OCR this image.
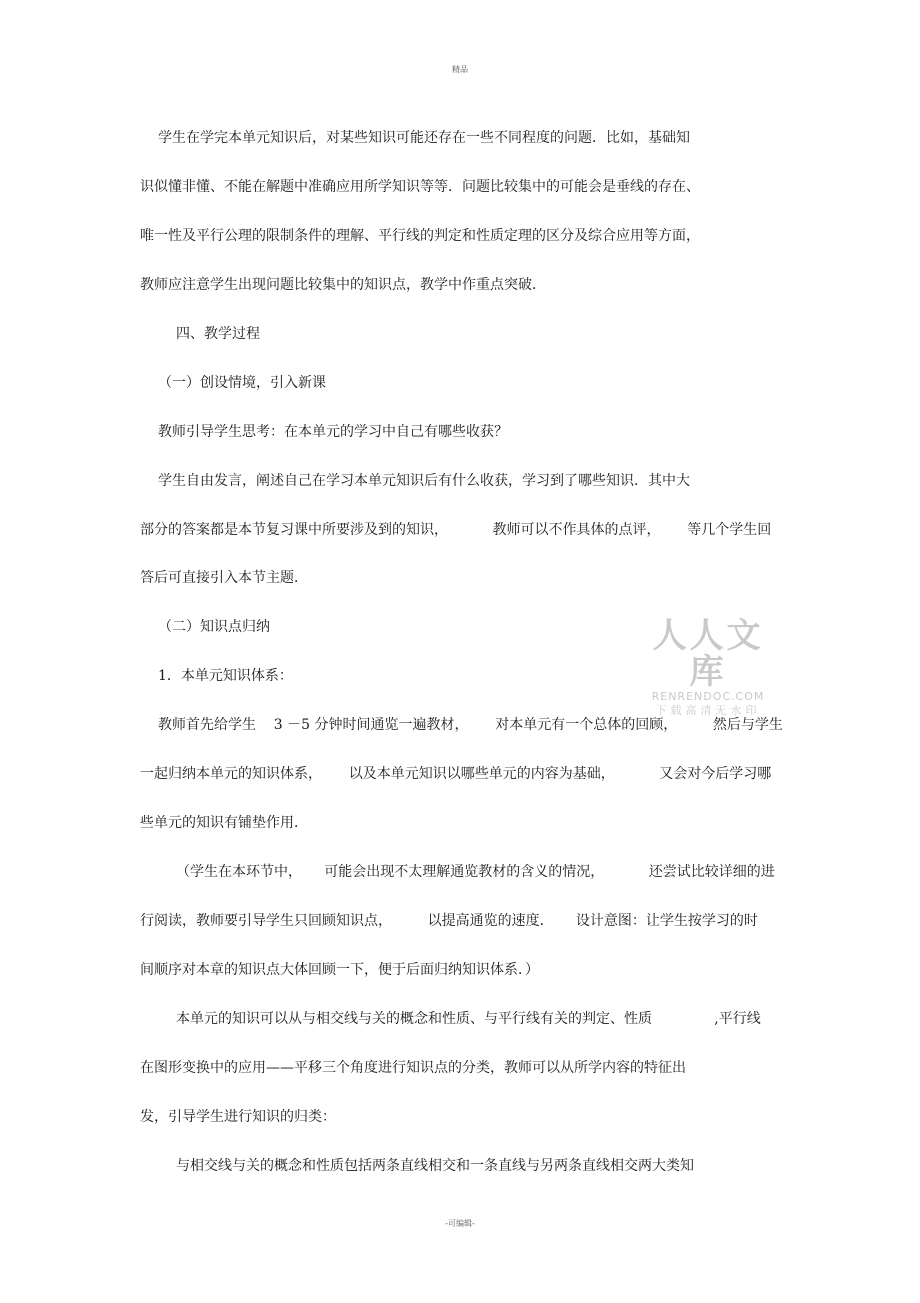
精品
学生在学完本单元知识后，对某些知识可能还存在一些不同程度的问题．比如，基础知
识似懂非懂、不能在解题中准确应用所学知识等等．问题比较集中的可能会是垂线的存在、
唯一性及平行公理的限制条件的理解、平行线的判定和性质定理的区分及综合应用等方面，
教师应注意学生出现问题比较集中的知识点，教学中作重点突破．
四、教学过程
（一）创设情境，引入新课
教师引导学生思考：在本单元的学习中自己有哪些收获？
学生自由发言，阐述自己在学习本单元知识后有什么收获，学习到了哪些知识．其中大
部分的答案都是本节复习课中所要涉及到的知识，          教师可以不作具体的点评，      等几个学生回
答后可直接引入本节主题．
（二）知识点归纳
1．本单元知识体系：
教师首先给学生    3 －5 分钟时间通览一遍教材，      对本单元有一个总体的回顾，        然后与学生
一起归纳本单元的知识体系，      以及本单元知识以哪些单元的内容为基础，          又会对今后学习哪
些单元的知识有铺垫作用．
（学生在本环节中，     可能会出现不太理解通览教材的含义的情况，          还尝试比较详细的进
行阅读，教师要引导学生只回顾知识点，        以提高通览的速度．     设计意图：让学生按学习的时
间顺序对本章的知识点大体回顾一下，便于后面归纳知识体系．）
本单元的知识可以从与相交线与关的概念和性质、与平行线有关的判定、性质              ,平行线
在图形变换中的应用——平移三个角度进行知识点的分类，教师可以从所学内容的特征出
发，引导学生进行知识的归类：
与相交线与关的概念和性质包括两条直线相交和一条直线与另两条直线相交两大类知
人人文库
RENRENDOC.COM
下载高清无水印
-可编辑-
